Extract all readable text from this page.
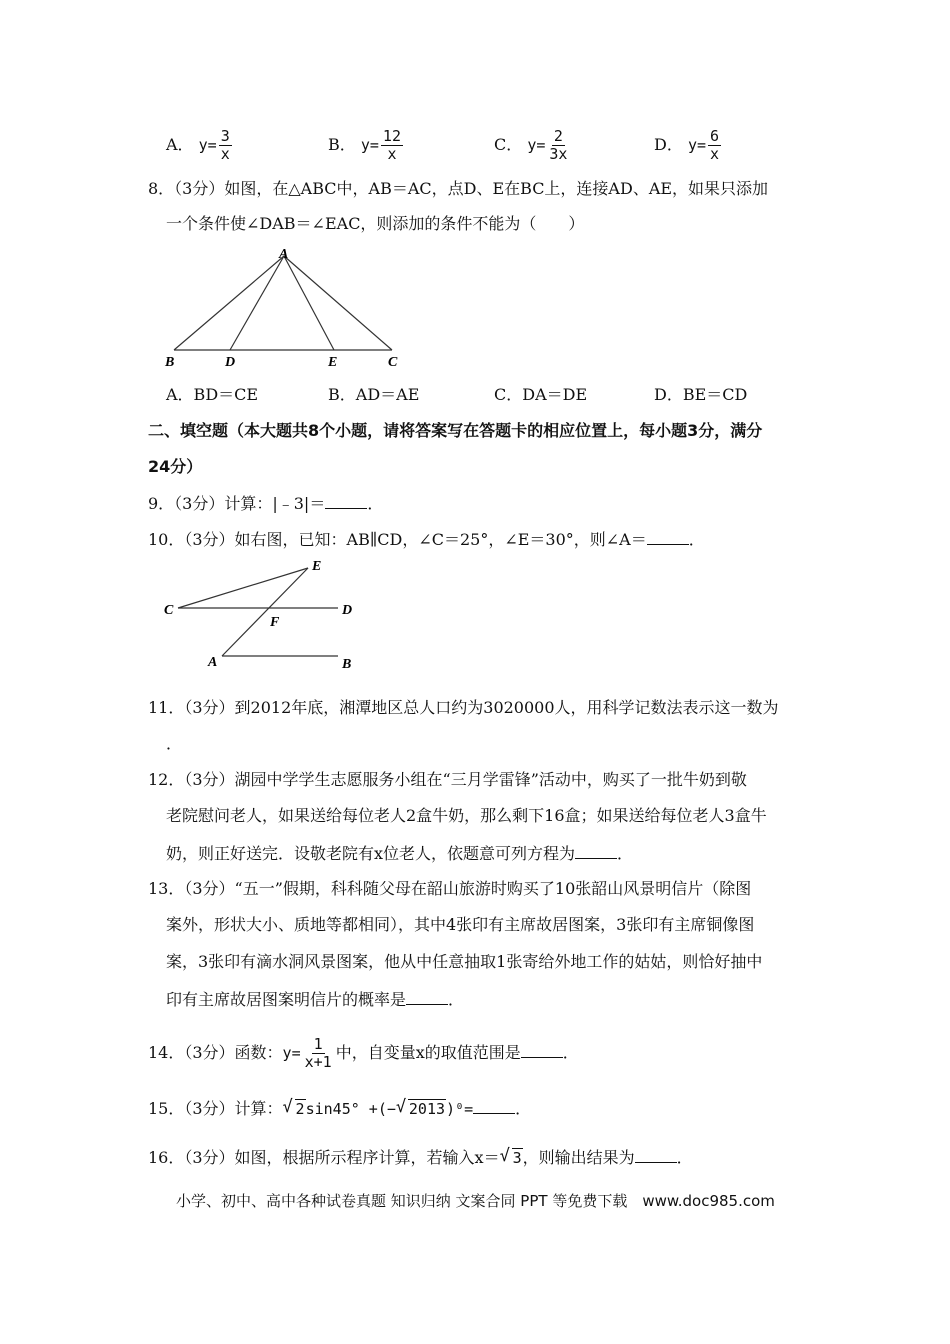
A． $y= \frac{3}{x}$	B． $y= \frac{12}{x}$	C． $y= \frac{2}{3x}$	D． $y= \frac{6}{x}$
8．（3分）如图，在△ABC中，AB＝AC，点D、E在BC上，连接AD、AE，如果只添加
一个条件使∠DAB＝∠EAC，则添加的条件不能为（　　）
A
B	D	E	C
A．BD＝CE	B．AD＝AE	C．DA＝DE	D．BE＝CD
二、填空题（本大题共8个小题，请将答案写在答题卡的相应位置上，每小题3分，满分
24分）
9．（3分）计算：|﹣3|＝	．
10．（3分）如右图，已知：AB∥CD，∠C＝25°，∠E＝30°，则∠A＝	．
E
C	D
F
A	B
11．（3分）到2012年底，湘潭地区总人口约为3020000人，用科学记数法表示这一数为
．
12．（3分）湖园中学学生志愿服务小组在“三月学雷锋”活动中，购买了一批牛奶到敬
老院慰问老人，如果送给每位老人2盒牛奶，那么剩下16盒；如果送给每位老人3盒牛
奶，则正好送完．设敬老院有x位老人，依题意可列方程为	．
13．（3分）“五一”假期，科科随父母在韶山旅游时购买了10张韶山风景明信片（除图
案外，形状大小、质地等都相同），其中4张印有主席故居图案，3张印有主席铜像图
案，3张印有滴水洞风景图案，他从中任意抽取1张寄给外地工作的姑姑，则恰好抽中
印有主席故居图案明信片的概率是	．
14．（3分）函数：$y= \frac{1}{x+1}$ 中，自变量x的取值范围是	．
15．（3分）计算： √ 2sin45° +(− √ 2013)⁰=	．
16．（3分）如图，根据所示程序计算，若输入x＝ √ 3，则输出结果为	．
小学、初中、高中各种试卷真题 知识归纳 文案合同 PPT 等免费下载　www.doc985.com
